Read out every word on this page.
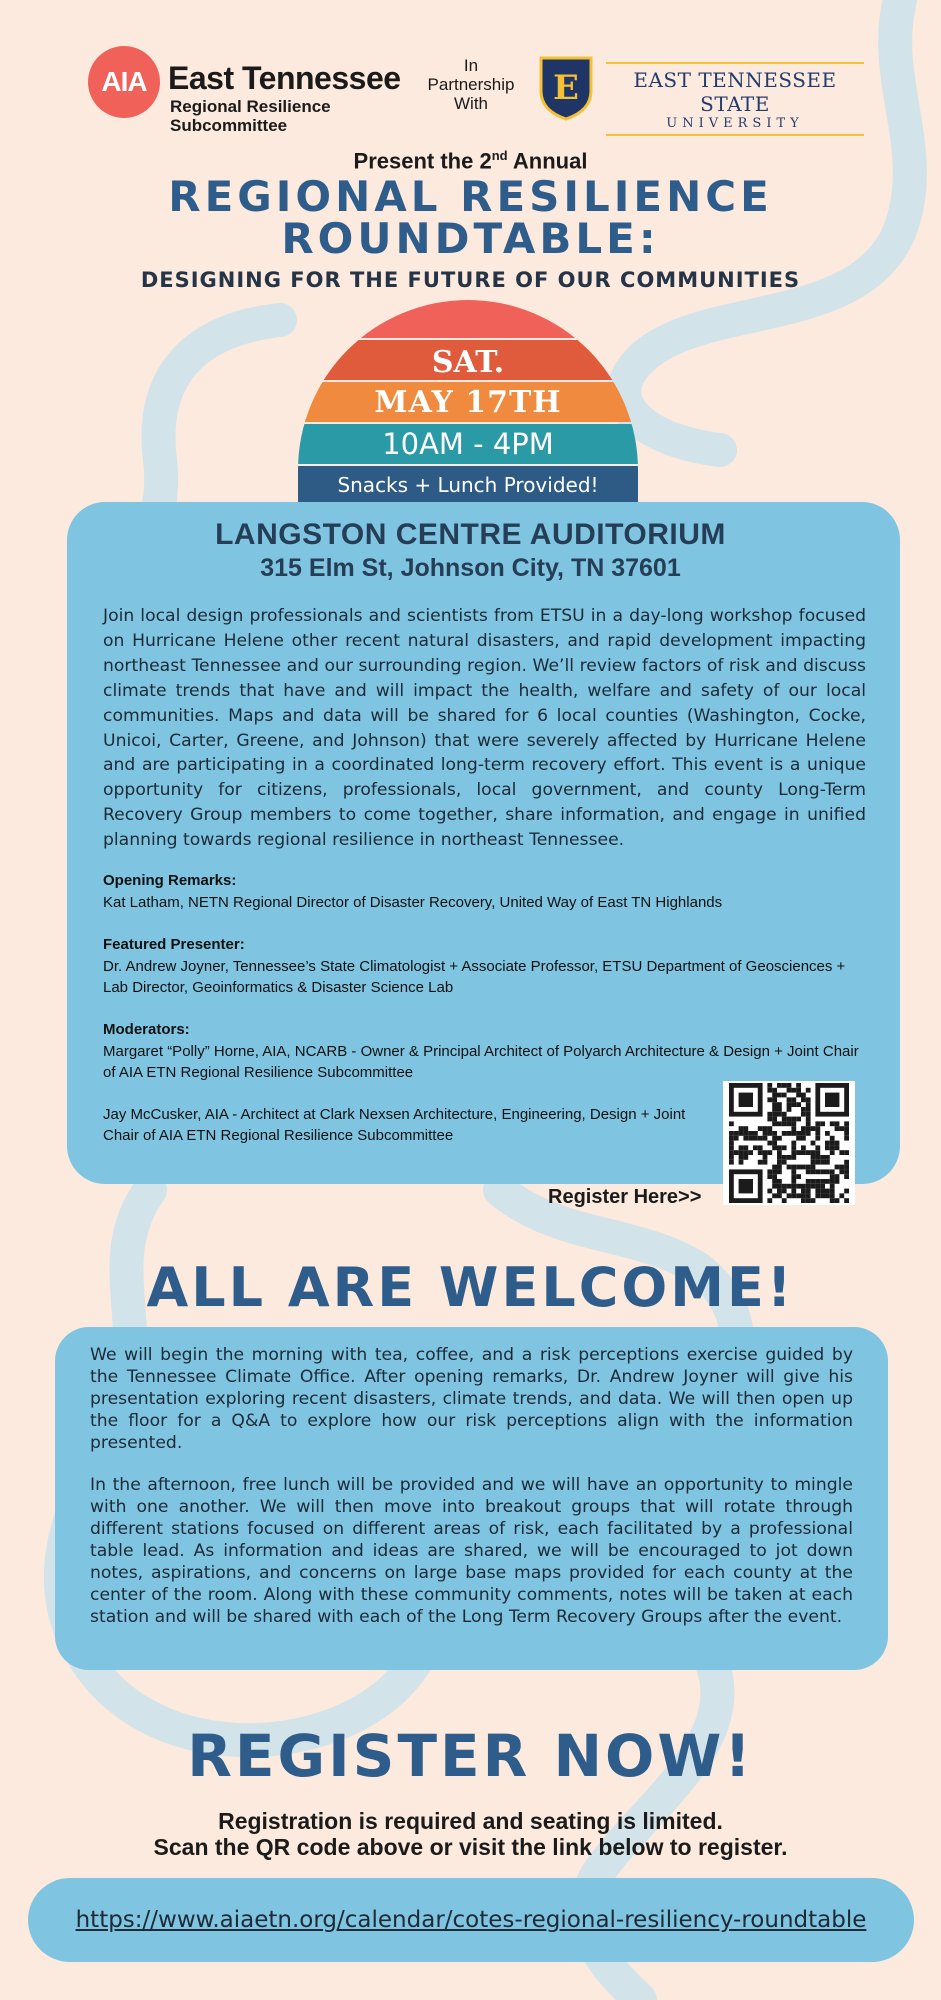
AIA East Tennessee
Regional Resilience
Subcommittee
In
Partnership
With	E	EAST TENNESSEE STATE
UNIVERSITY
Present the 2nd Annual
REGIONAL RESILIENCE
ROUNDTABLE:
DESIGNING FOR THE FUTURE OF OUR COMMUNITIES
SAT.
MAY 17TH
10AM - 4PM
Snacks + Lunch Provided!
LANGSTON CENTRE AUDITORIUM
315 Elm St, Johnson City, TN 37601

Join local design professionals and scientists from ETSU in a day-long workshop focused on Hurricane Helene other recent natural disasters, and rapid development impacting northeast Tennessee and our surrounding region. We’ll review factors of risk and discuss climate trends that have and will impact the health, welfare and safety of our local communities. Maps and data will be shared for 6 local counties (Washington, Cocke, Unicoi, Carter, Greene, and Johnson) that were severely affected by Hurricane Helene and are participating in a coordinated long-term recovery effort. This event is a unique opportunity for citizens, professionals, local government, and county Long-Term Recovery Group members to come together, share information, and engage in unified planning towards regional resilience in northeast Tennessee.

Opening Remarks:

Kat Latham, NETN Regional Director of Disaster Recovery, United Way of East TN Highlands

Featured Presenter:

Dr. Andrew Joyner, Tennessee’s State Climatologist + Associate Professor, ETSU Department of Geosciences + Lab Director, Geoinformatics & Disaster Science Lab

Moderators:

Margaret “Polly” Horne, AIA, NCARB - Owner & Principal Architect of Polyarch Architecture & Design + Joint Chair of AIA ETN Regional Resilience Subcommittee

Jay McCusker, AIA - Architect at Clark Nexsen Architecture, Engineering, Design + Joint Chair of AIA ETN Regional Resilience Subcommittee

Register Here>>
ALL ARE WELCOME!

We will begin the morning with tea, coffee, and a risk perceptions exercise guided by the Tennessee Climate Office. After opening remarks, Dr. Andrew Joyner will give his presentation exploring recent disasters, climate trends, and data. We will then open up the floor for a Q&A to explore how our risk perceptions align with the information presented.

In the afternoon, free lunch will be provided and we will have an opportunity to mingle with one another. We will then move into breakout groups that will rotate through different stations focused on different areas of risk, each facilitated by a professional table lead. As information and ideas are shared, we will be encouraged to jot down notes, aspirations, and concerns on large base maps provided for each county at the center of the room. Along with these community comments, notes will be taken at each station and will be shared with each of the Long Term Recovery Groups after the event.

REGISTER NOW!
Registration is required and seating is limited.
Scan the QR code above or visit the link below to register.
https://www.aiaetn.org/calendar/cotes-regional-resiliency-roundtable
